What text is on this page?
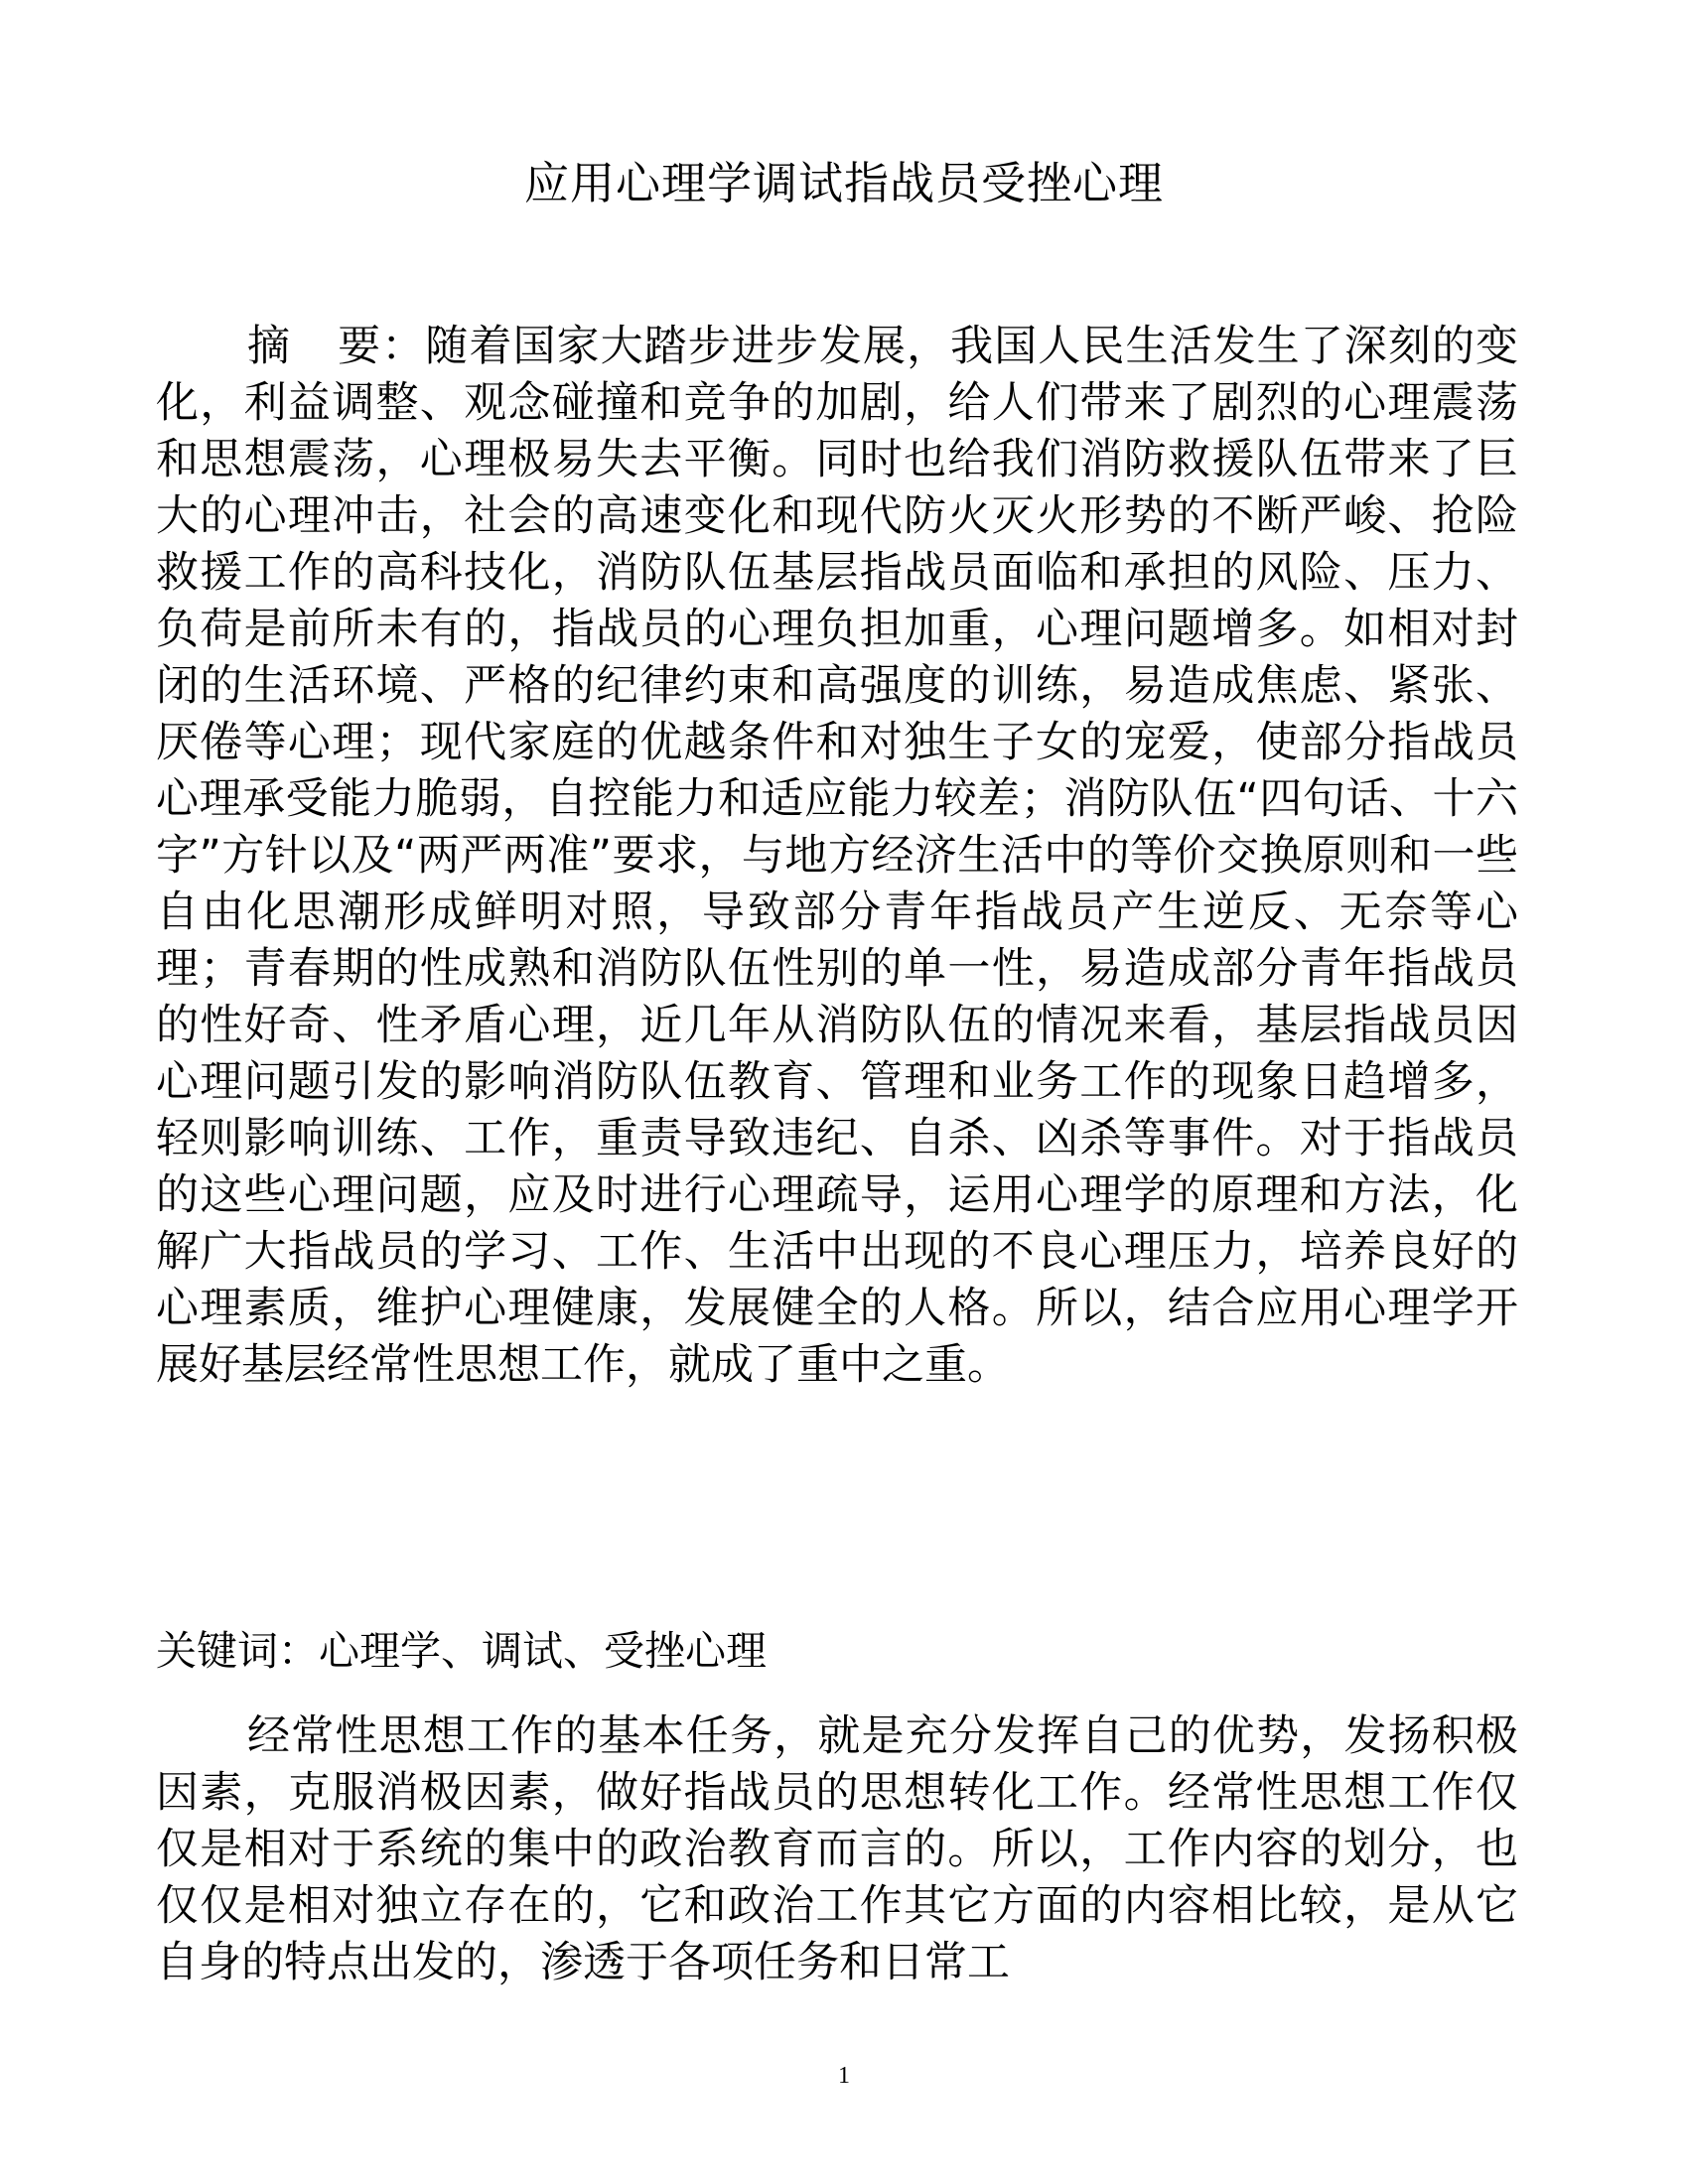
应用心理学调试指战员受挫心理

摘 要：随着国家大踏步进步发展，我国人民生活发生了深刻的变化，利益调整、观念碰撞和竞争的加剧，给人们带来了剧烈的心理震荡和思想震荡，心理极易失去平衡。同时也给我们消防救援队伍带来了巨大的心理冲击，社会的高速变化和现代防火灭火形势的不断严峻、抢险救援工作的高科技化，消防队伍基层指战员面临和承担的风险、压力、负荷是前所未有的，指战员的心理负担加重，心理问题增多。如相对封闭的生活环境、严格的纪律约束和高强度的训练，易造成焦虑、紧张、厌倦等心理；现代家庭的优越条件和对独生子女的宠爱，使部分指战员心理承受能力脆弱，自控能力和适应能力较差；消防队伍“四句话、十六字”方针以及“两严两准”要求，与地方经济生活中的等价交换原则和一些自由化思潮形成鲜明对照，导致部分青年指战员产生逆反、无奈等心理；青春期的性成熟和消防队伍性别的单一性，易造成部分青年指战员的性好奇、性矛盾心理，近几年从消防队伍的情况来看，基层指战员因心理问题引发的影响消防队伍教育、管理和业务工作的现象日趋增多，轻则影响训练、工作，重责导致违纪、自杀、凶杀等事件。对于指战员的这些心理问题，应及时进行心理疏导，运用心理学的原理和方法，化解广大指战员的学习、工作、生活中出现的不良心理压力，培养良好的心理素质，维护心理健康，发展健全的人格。所以，结合应用心理学开展好基层经常性思想工作，就成了重中之重。

关键词：心理学、调试、受挫心理

经常性思想工作的基本任务，就是充分发挥自己的优势，发扬积极因素，克服消极因素，做好指战员的思想转化工作。经常性思想工作仅仅是相对于系统的集中的政治教育而言的。所以，工作内容的划分，也仅仅是相对独立存在的，它和政治工作其它方面的内容相比较，是从它自身的特点出发的，渗透于各项任务和日常工

1
